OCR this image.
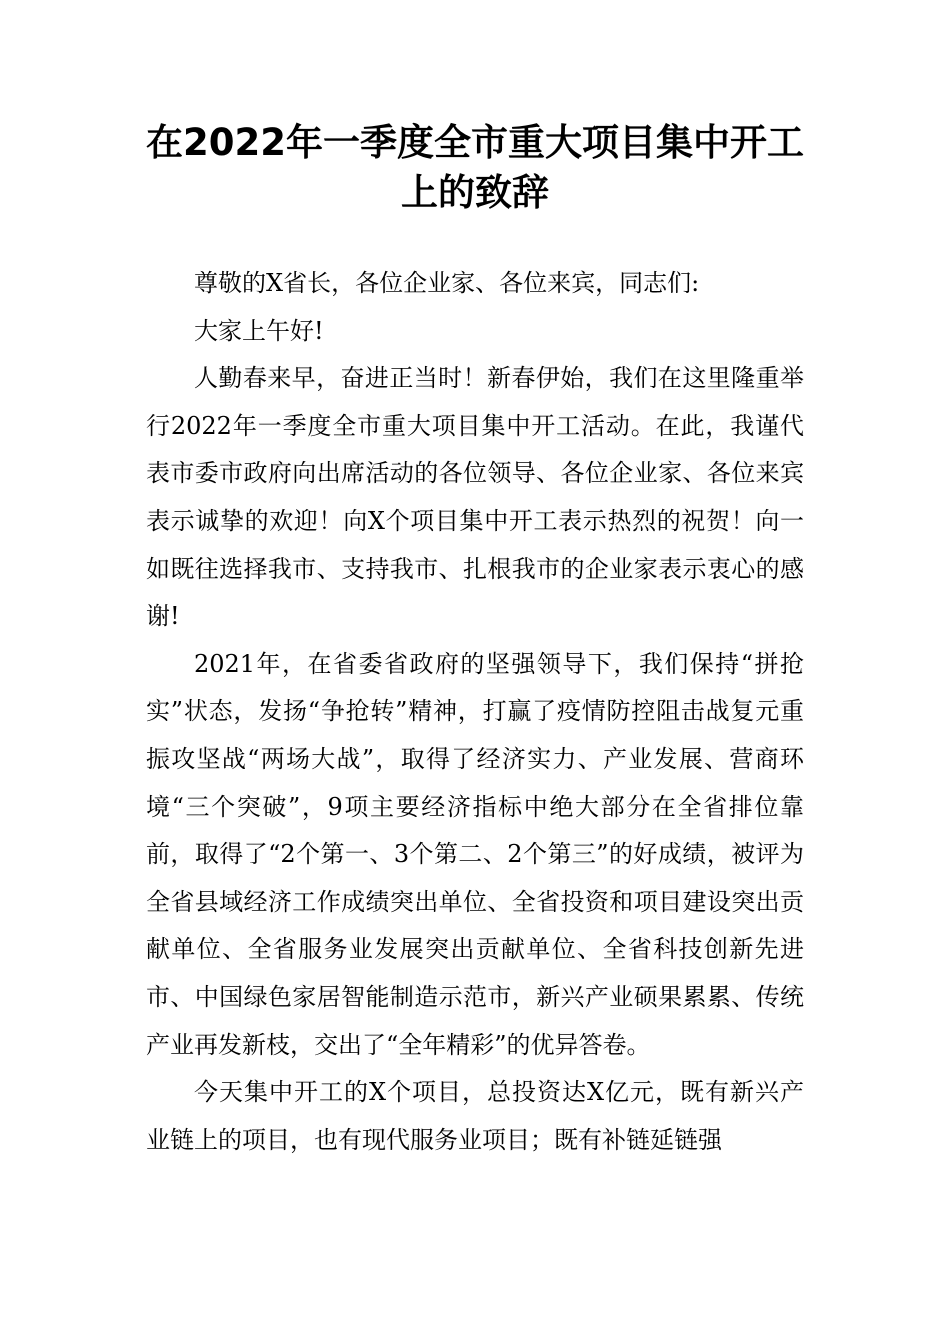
在2022年一季度全市重大项目集中开工
上的致辞

尊敬的X省长，各位企业家、各位来宾，同志们:

大家上午好!

人勤春来早，奋进正当时！新春伊始，我们在这里隆重举行2022年一季度全市重大项目集中开工活动。在此，我谨代表市委市政府向出席活动的各位领导、各位企业家、各位来宾表示诚挚的欢迎！向X个项目集中开工表示热烈的祝贺！向一如既往选择我市、支持我市、扎根我市的企业家表示衷心的感谢!

2021年，在省委省政府的坚强领导下，我们保持“拼抢实”状态，发扬“争抢转”精神，打赢了疫情防控阻击战复元重振攻坚战“两场大战”，取得了经济实力、产业发展、营商环境“三个突破”，9项主要经济指标中绝大部分在全省排位靠前，取得了“2个第一、3个第二、2个第三”的好成绩，被评为全省县域经济工作成绩突出单位、全省投资和项目建设突出贡献单位、全省服务业发展突出贡献单位、全省科技创新先进市、中国绿色家居智能制造示范市，新兴产业硕果累累、传统产业再发新枝，交出了“全年精彩”的优异答卷。

今天集中开工的X个项目，总投资达X亿元，既有新兴产业链上的项目，也有现代服务业项目；既有补链延链强
